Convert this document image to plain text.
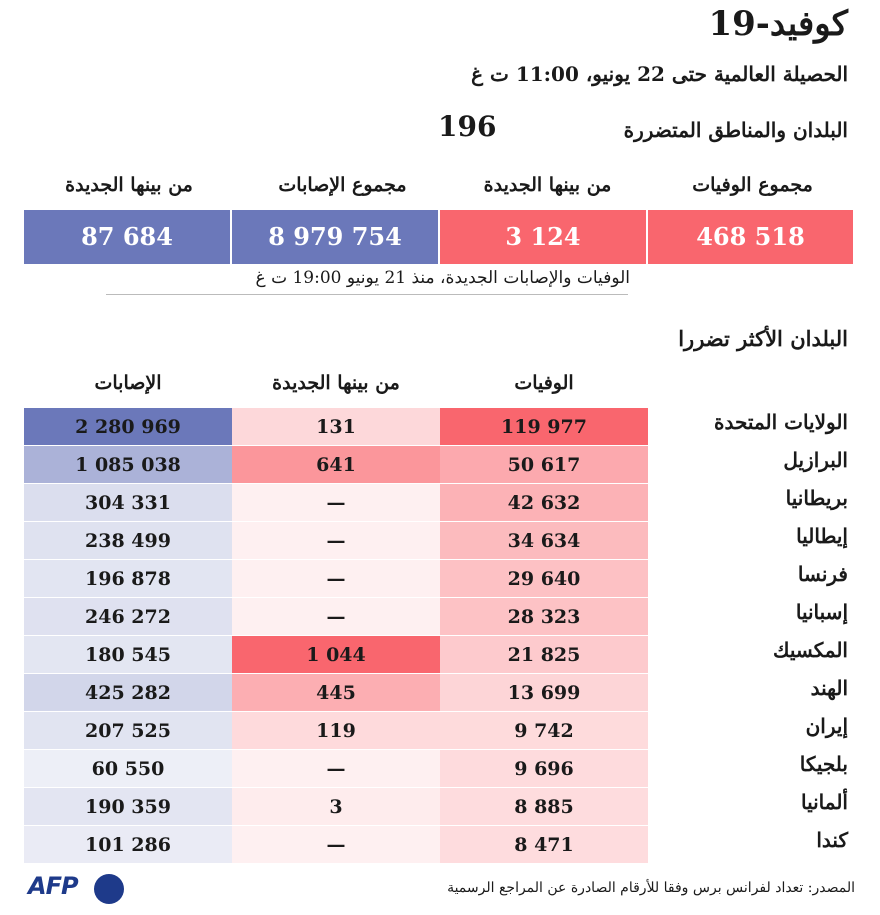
كوفيد-19
الحصيلة العالمية حتى 22 يونيو، 11:00 ت غ
البلدان والمناطق المتضررة
196
مجموع الوفيات
من بينها الجديدة
مجموع الإصابات
من بينها الجديدة
468 518
3 124
8 979 754
87 684
الوفيات والإصابات الجديدة، منذ 21 يونيو 19:00 ت غ
البلدان الأكثر تضررا
الوفيات
من بينها الجديدة
الإصابات
الولايات المتحدة
119 977
131
2 280 969
البرازيل
50 617
641
1 085 038
بريطانيا
42 632
—
304 331
إيطاليا
34 634
—
238 499
فرنسا
29 640
—
196 878
إسبانيا
28 323
—
246 272
المكسيك
21 825
1 044
180 545
الهند
13 699
445
425 282
إيران
9 742
119
207 525
بلجيكا
9 696
—
60 550
ألمانيا
8 885
3
190 359
كندا
8 471
—
101 286
المصدر: تعداد لفرانس برس وفقا للأرقام الصادرة عن المراجع الرسمية
AFP
